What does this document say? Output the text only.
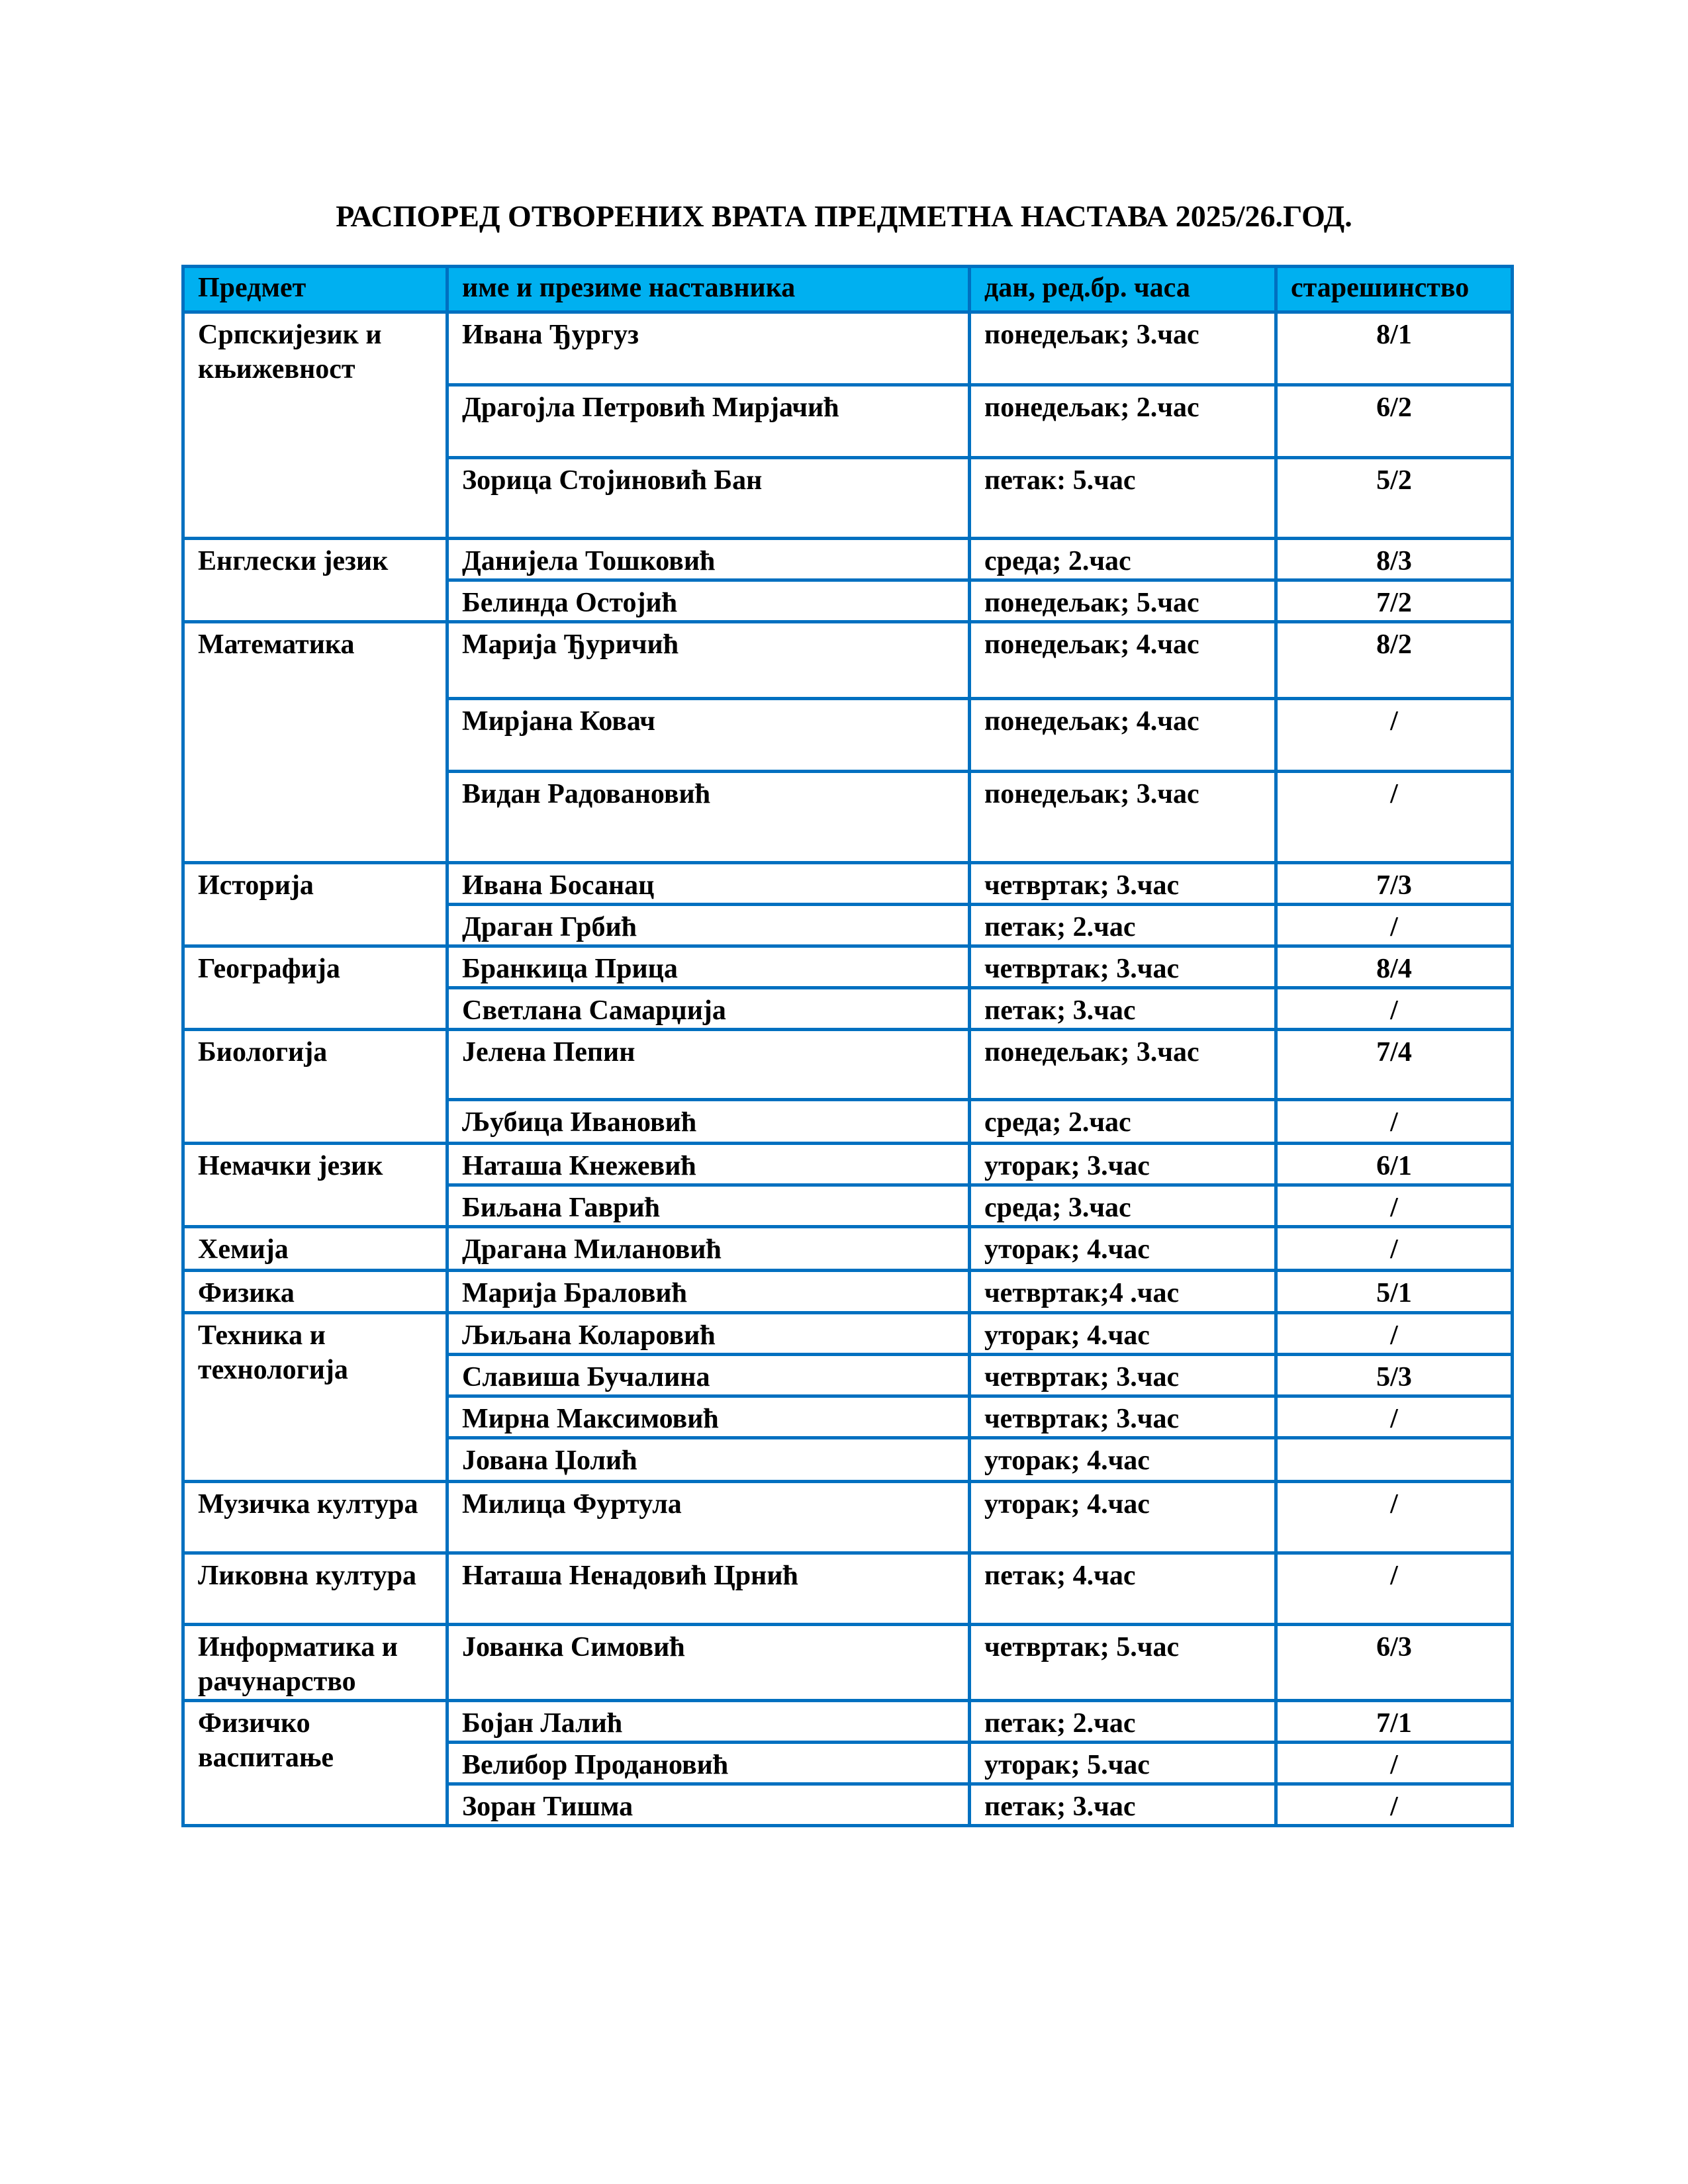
РАСПОРЕД ОТВОРЕНИХ ВРАТА ПРЕДМЕТНА НАСТАВА 2025/26.ГОД.
Предмет	име и презиме наставника	дан, ред.бр. часа	старешинство
Српскијезик и књижевност	Ивана Ђургуз	понедељак; 3.час	8/1
	Драгојла Петровић Мирјачић	понедељак; 2.час	6/2
	Зорица Стојиновић Бан	петак: 5.час	5/2
Енглески језик	Данијела Тошковић	среда; 2.час	8/3
	Белинда Остојић	понедељак; 5.час	7/2
Математика	Марија Ђуричић	понедељак; 4.час	8/2
	Мирјана Ковач	понедељак; 4.час	/
	Видан Радовановић	понедељак; 3.час	/
Историја	Ивана Босанац	четвртак; 3.час	7/3
	Драган Грбић	петак; 2.час	/
Географија	Бранкица Прица	четвртак; 3.час	8/4
	Светлана Самарџија	петак; 3.час	/
Биологија	Јелена Пепин	понедељак; 3.час	7/4
	Љубица Ивановић	среда; 2.час	/
Немачки језик	Наташа Кнежевић	уторак; 3.час	6/1
	Биљана Гаврић	среда; 3.час	/
Хемија	Драгана Милановић	уторак; 4.час	/
Физика	Марија Браловић	четвртак;4 .час	5/1
Техника и технологија	Љиљана Коларовић	уторак; 4.час	/
	Славиша Бучалина	четвртак; 3.час	5/3
	Мирна Максимовић	четвртак; 3.час	/
	Јована Џолић	уторак; 4.час	
Музичка култура	Милица Фуртула	уторак; 4.час	/
Ликовна култура	Наташа Ненадовић Црнић	петак; 4.час	/
Информатика и рачунарство	Јованка Симовић	четвртак; 5.час	6/3
Физичко васпитање	Бојан Лалић	петак; 2.час	7/1
	Велибор Продановић	уторак; 5.час	/
	Зоран Тишма	петак; 3.час	/
